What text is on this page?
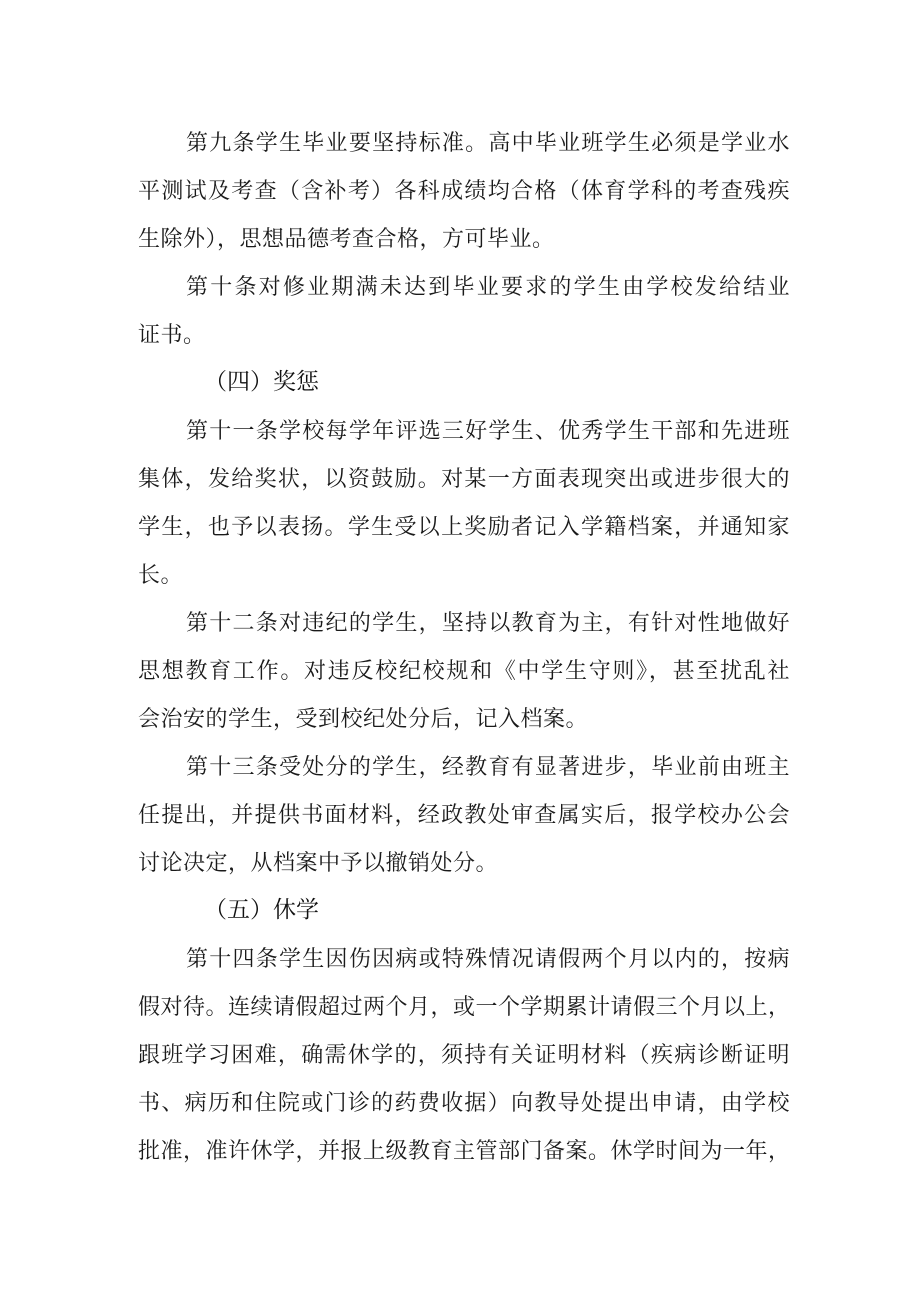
第九条学生毕业要坚持标准。高中毕业班学生必须是学业水
平测试及考查（含补考）各科成绩均合格（体育学科的考查残疾
生除外），思想品德考查合格，方可毕业。
第十条对修业期满未达到毕业要求的学生由学校发给结业
证书。
（四）奖惩
第十一条学校每学年评选三好学生、优秀学生干部和先进班
集体，发给奖状，以资鼓励。对某一方面表现突出或进步很大的
学生，也予以表扬。学生受以上奖励者记入学籍档案，并通知家
长。
第十二条对违纪的学生，坚持以教育为主，有针对性地做好
思想教育工作。对违反校纪校规和《中学生守则》，甚至扰乱社
会治安的学生，受到校纪处分后，记入档案。
第十三条受处分的学生，经教育有显著进步，毕业前由班主
任提出，并提供书面材料，经政教处审查属实后，报学校办公会
讨论决定，从档案中予以撤销处分。
（五）休学
第十四条学生因伤因病或特殊情况请假两个月以内的，按病
假对待。连续请假超过两个月，或一个学期累计请假三个月以上，
跟班学习困难，确需休学的，须持有关证明材料（疾病诊断证明
书、病历和住院或门诊的药费收据）向教导处提出申请，由学校
批准，准许休学，并报上级教育主管部门备案。休学时间为一年，
